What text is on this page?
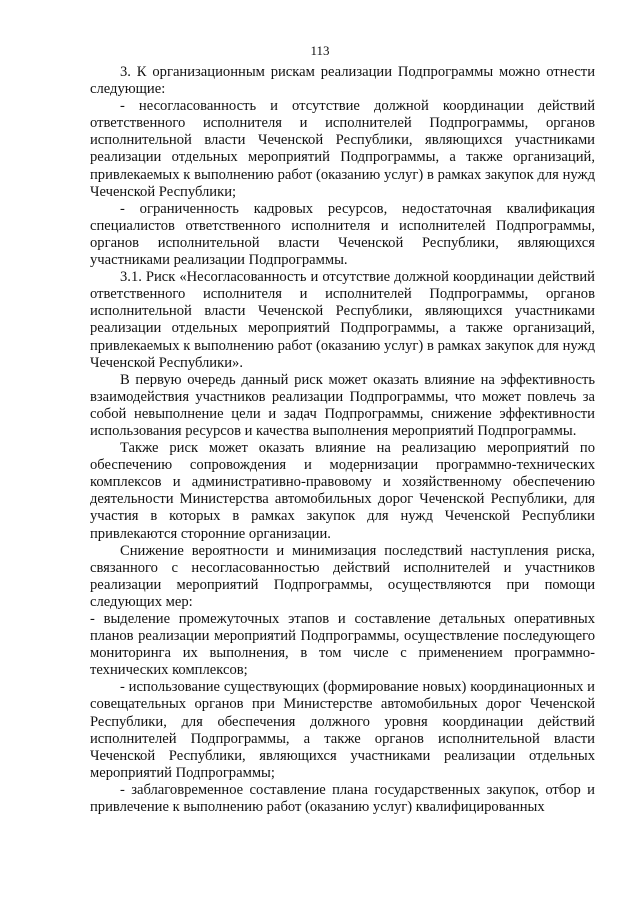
113

3. К организационным рискам реализации Подпрограммы можно отнести следующие:

- несогласованность и отсутствие должной координации действий ответственного исполнителя и исполнителей Подпрограммы, органов исполнительной власти Чеченской Республики, являющихся участниками реализации отдельных мероприятий Подпрограммы, а также организаций, привлекаемых к выполнению работ (оказанию услуг) в рамках закупок для нужд Чеченской Республики;

- ограниченность кадровых ресурсов, недостаточная квалификация специалистов ответственного исполнителя и исполнителей Подпрограммы, органов исполнительной власти Чеченской Республики, являющихся участниками реализации Подпрограммы.

3.1. Риск «Несогласованность и отсутствие должной координации действий ответственного исполнителя и исполнителей Подпрограммы, органов исполнительной власти Чеченской Республики, являющихся участниками реализации отдельных мероприятий Подпрограммы, а также организаций, привлекаемых к выполнению работ (оказанию услуг) в рамках закупок для нужд Чеченской Республики».

В первую очередь данный риск может оказать влияние на эффективность взаимодействия участников реализации Подпрограммы, что может повлечь за собой невыполнение цели и задач Подпрограммы, снижение эффективности использования ресурсов и качества выполнения мероприятий Подпрограммы.

Также риск может оказать влияние на реализацию мероприятий по обеспечению сопровождения и модернизации программно-технических комплексов и административно-правовому и хозяйственному обеспечению деятельности Министерства автомобильных дорог Чеченской Республики, для участия в которых в рамках закупок для нужд Чеченской Республики привлекаются сторонние организации.

Снижение вероятности и минимизация последствий наступления риска, связанного с несогласованностью действий исполнителей и участников реализации мероприятий Подпрограммы, осуществляются при помощи следующих мер:

- выделение промежуточных этапов и составление детальных оперативных планов реализации мероприятий Подпрограммы, осуществление последующего мониторинга их выполнения, в том числе с применением программно-технических комплексов;

- использование существующих (формирование новых) координационных и совещательных органов при Министерстве автомобильных дорог Чеченской Республики, для обеспечения должного уровня координации действий исполнителей Подпрограммы, а также органов исполнительной власти Чеченской Республики, являющихся участниками реализации отдельных мероприятий Подпрограммы;

- заблаговременное составление плана государственных закупок, отбор и привлечение к выполнению работ (оказанию услуг) квалифицированных
